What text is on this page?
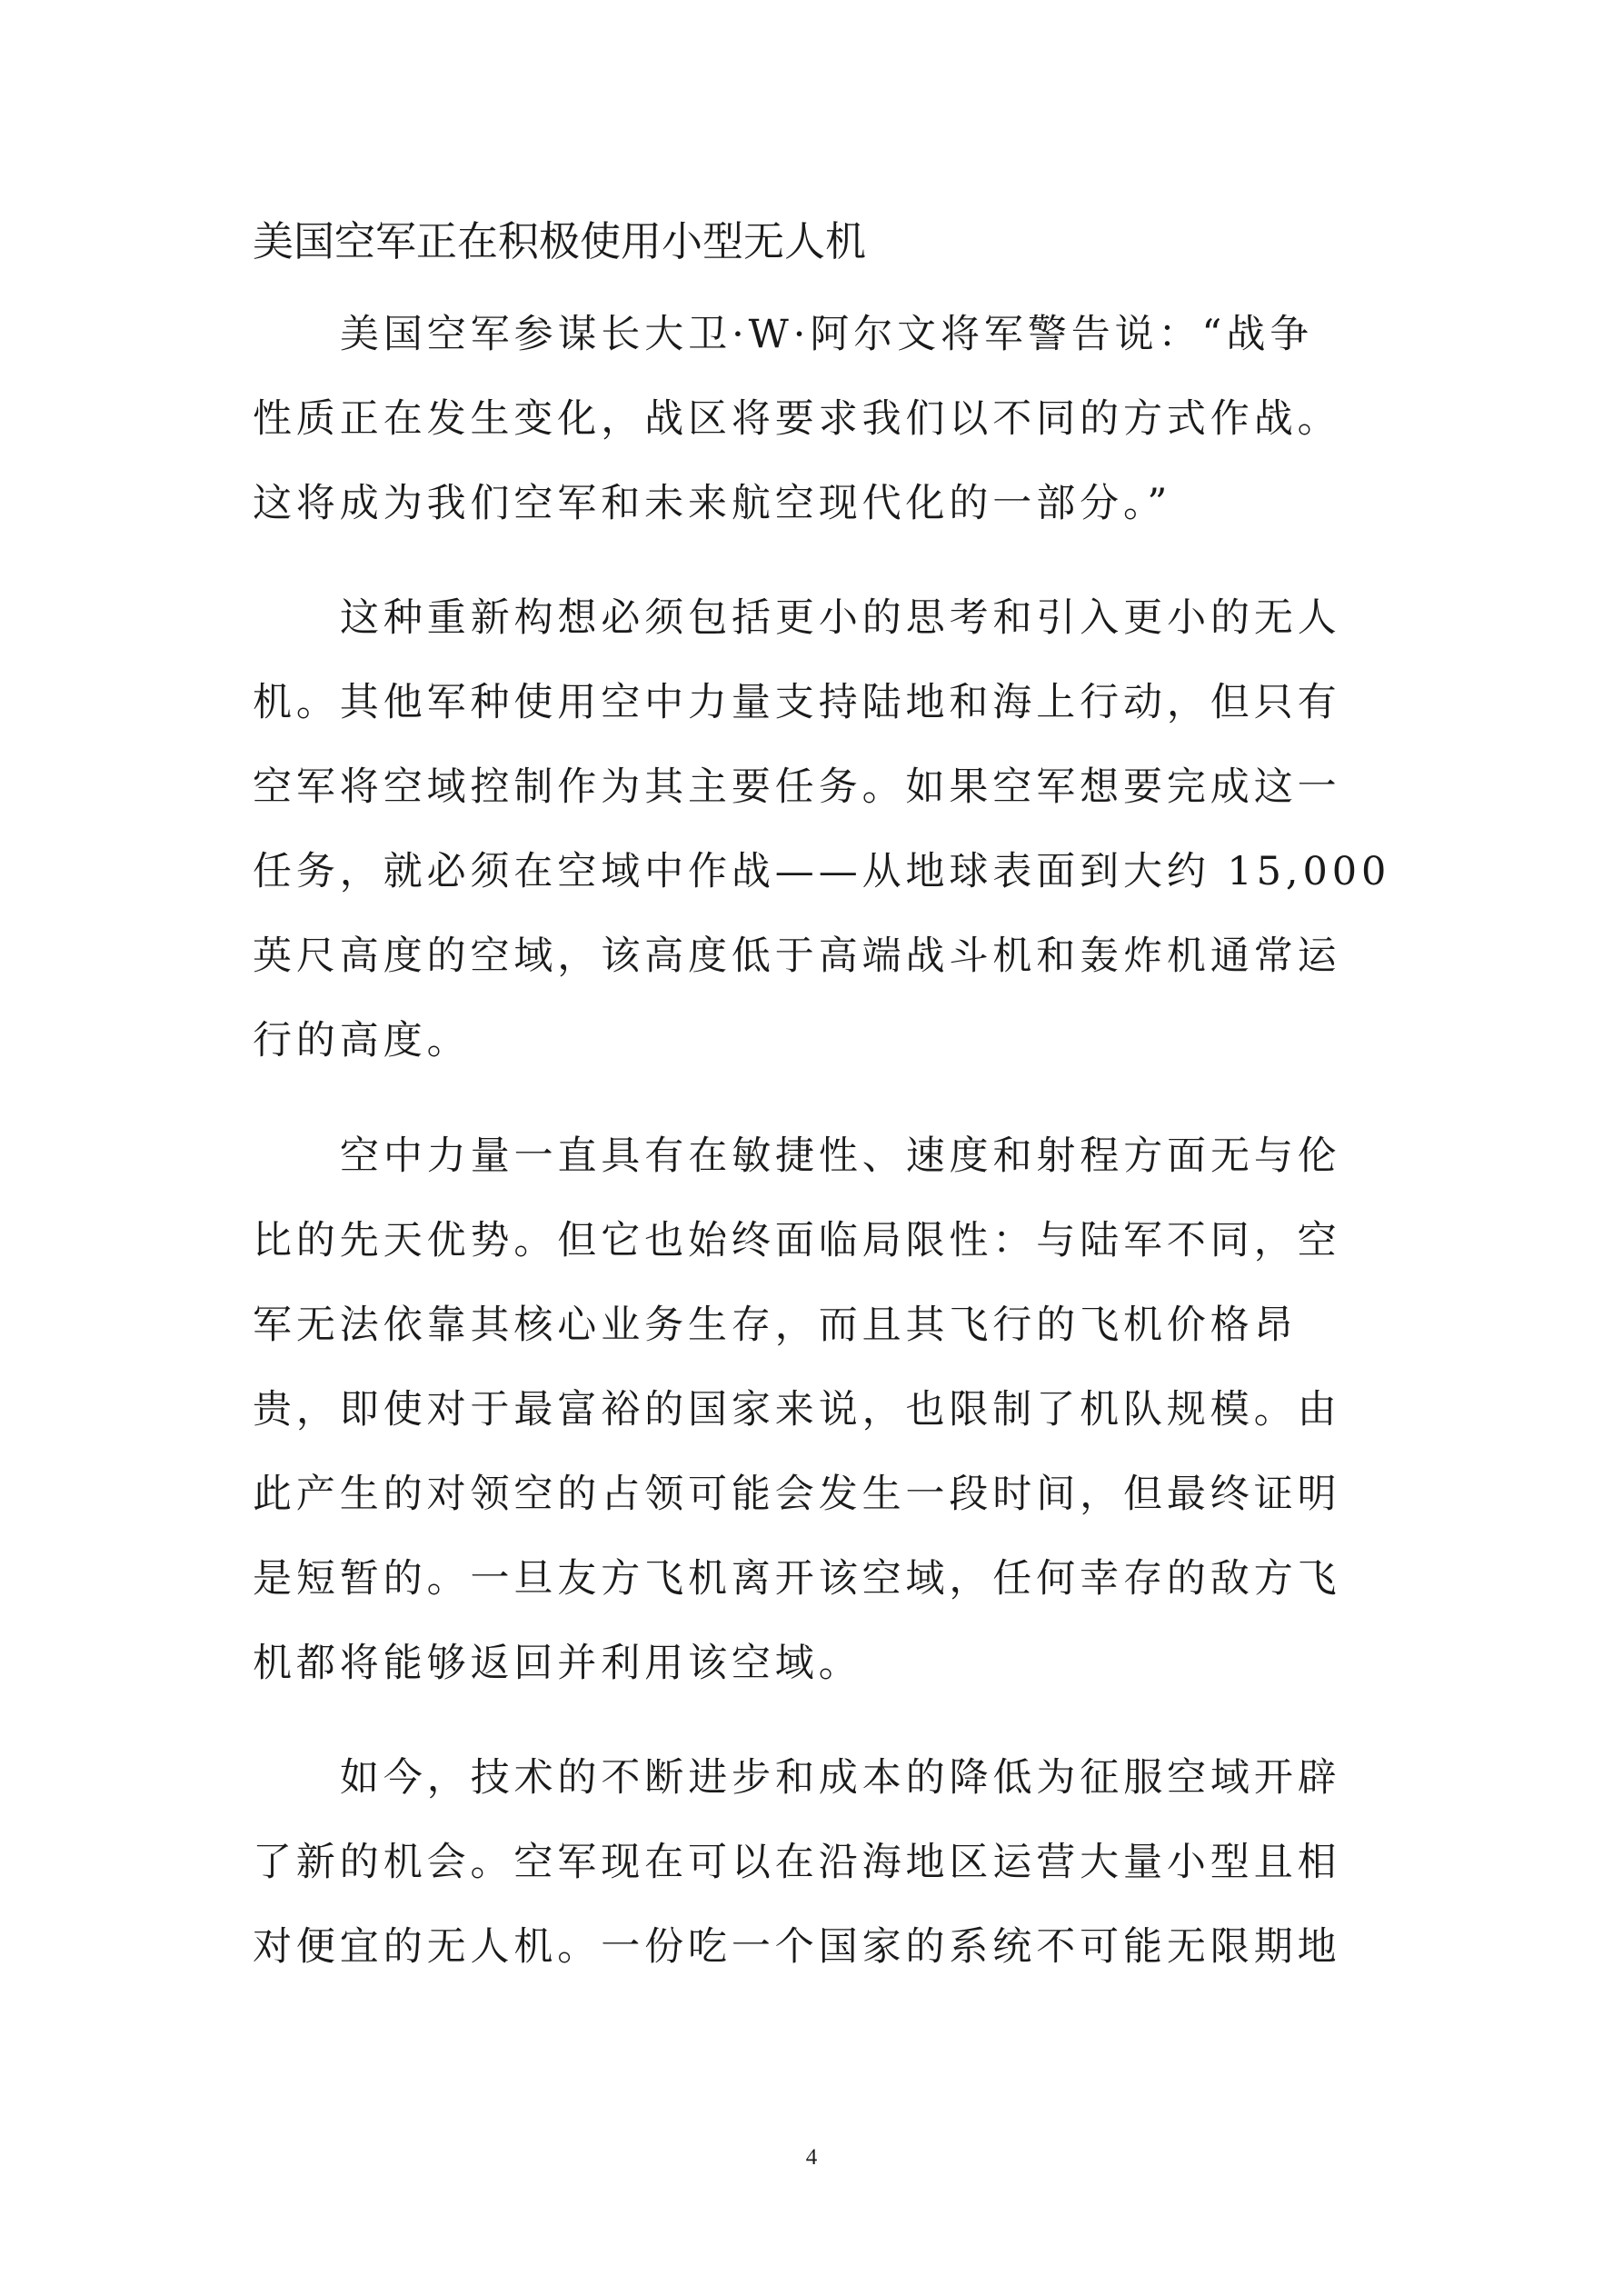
美国空军正在积极使用小型无人机
美国空军参谋长大卫·W·阿尔文将军警告说：“战争
性质正在发生变化，战区将要求我们以不同的方式作战。
这将成为我们空军和未来航空现代化的一部分。”
这种重新构想必须包括更小的思考和引入更小的无人
机。其他军种使用空中力量支持陆地和海上行动，但只有
空军将空域控制作为其主要任务。如果空军想要完成这一
任务，就必须在空域中作战——从地球表面到大约 15,000
英尺高度的空域，该高度低于高端战斗机和轰炸机通常运
行的高度。
空中力量一直具有在敏捷性、速度和射程方面无与伦
比的先天优势。但它也始终面临局限性：与陆军不同，空
军无法依靠其核心业务生存，而且其飞行的飞机价格昂
贵，即使对于最富裕的国家来说，也限制了机队规模。由
此产生的对领空的占领可能会发生一段时间，但最终证明
是短暂的。一旦友方飞机离开该空域，任何幸存的敌方飞
机都将能够返回并利用该空域。
如今，技术的不断进步和成本的降低为征服空域开辟
了新的机会。空军现在可以在沿海地区运营大量小型且相
对便宜的无人机。一份吃一个国家的系统不可能无限期地

4
